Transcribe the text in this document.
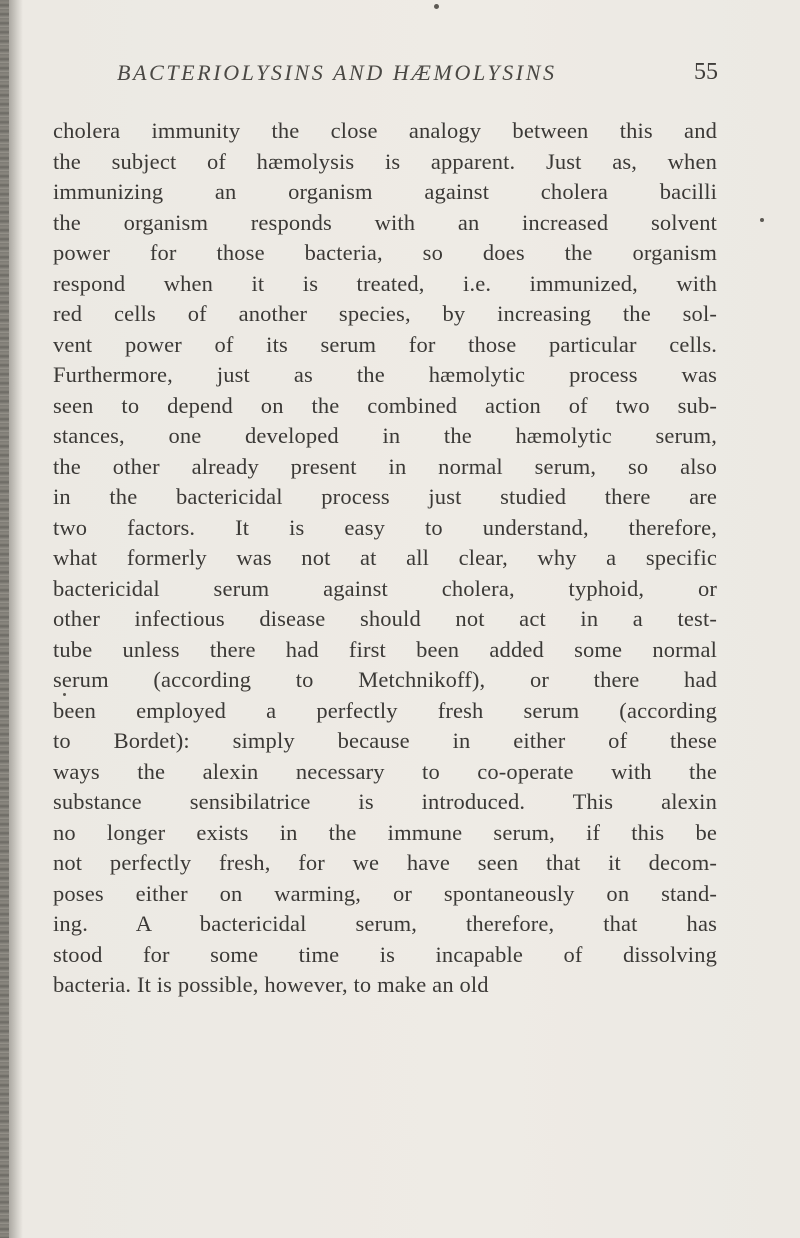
BACTERIOLYSINS AND HÆMOLYSINS	55
cholera immunity the close analogy between this and
the subject of hæmolysis is apparent. Just as, when
immunizing an organism against cholera bacilli
the organism responds with an increased solvent
power for those bacteria, so does the organism
respond when it is treated, i.e. immunized, with
red cells of another species, by increasing the sol-
vent power of its serum for those particular cells.
Furthermore, just as the hæmolytic process was
seen to depend on the combined action of two sub-
stances, one developed in the hæmolytic serum,
the other already present in normal serum, so also
in the bactericidal process just studied there are
two factors. It is easy to understand, therefore,
what formerly was not at all clear, why a specific
bactericidal serum against cholera, typhoid, or
other infectious disease should not act in a test-
tube unless there had first been added some normal
serum (according to Metchnikoff), or there had
been employed a perfectly fresh serum (according
to Bordet): simply because in either of these
ways the alexin necessary to co-operate with the
substance sensibilatrice is introduced. This alexin
no longer exists in the immune serum, if this be
not perfectly fresh, for we have seen that it decom-
poses either on warming, or spontaneously on stand-
ing. A bactericidal serum, therefore, that has
stood for some time is incapable of dissolving
bacteria. It is possible, however, to make an old
